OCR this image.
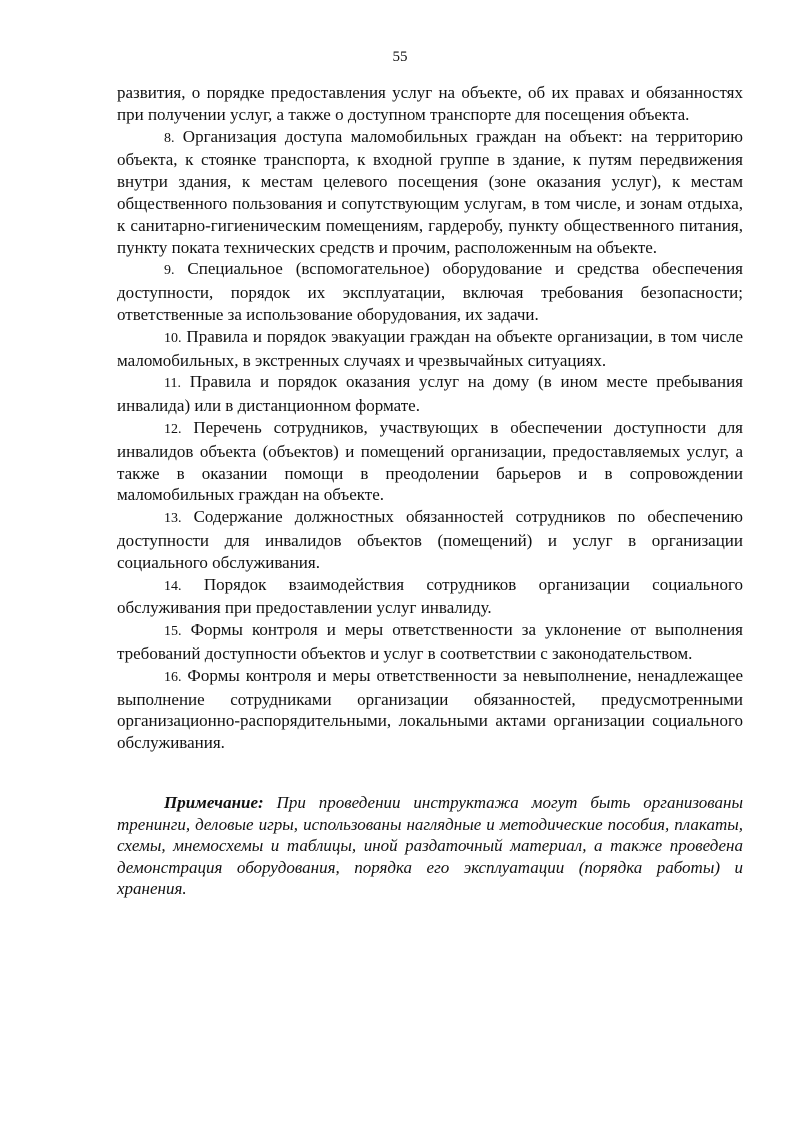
55

развития, о порядке предоставления услуг на объекте, об их правах и обязанностях при получении услуг, а также о доступном транспорте для посещения объекта.

8. Организация доступа маломобильных граждан на объект: на территорию объекта, к стоянке транспорта, к входной группе в здание, к путям передвижения внутри здания, к местам целевого посещения (зоне оказания услуг), к местам общественного пользования и сопутствующим услугам, в том числе, и зонам отдыха, к санитарно-гигиеническим помещениям, гардеробу, пункту общественного питания, пункту поката технических средств и прочим, расположенным на объекте.

9. Специальное (вспомогательное) оборудование и средства обеспечения доступности, порядок их эксплуатации, включая требования безопасности; ответственные за использование оборудования, их задачи.

10. Правила и порядок эвакуации граждан на объекте организации, в том числе маломобильных, в экстренных случаях и чрезвычайных ситуациях.

11. Правила и порядок оказания услуг на дому (в ином месте пребывания инвалида) или в дистанционном формате.

12. Перечень сотрудников, участвующих в обеспечении доступности для инвалидов объекта (объектов) и помещений организации, предоставляемых услуг, а также в оказании помощи в преодолении барьеров и в сопровождении маломобильных граждан на объекте.

13. Содержание должностных обязанностей сотрудников по обеспечению доступности для инвалидов объектов (помещений) и услуг в организации социального обслуживания.

14. Порядок взаимодействия сотрудников организации социального обслуживания при предоставлении услуг инвалиду.

15. Формы контроля и меры ответственности за уклонение от выполнения требований доступности объектов и услуг в соответствии с законодательством.

16. Формы контроля и меры ответственности за невыполнение, ненадлежащее выполнение сотрудниками организации обязанностей, предусмотренными организационно-распорядительными, локальными актами организации социального обслуживания.

Примечание: При проведении инструктажа могут быть организованы тренинги, деловые игры, использованы наглядные и методические пособия, плакаты, схемы, мнемосхемы и таблицы, иной раздаточный материал, а также проведена демонстрация оборудования, порядка его эксплуатации (порядка работы) и хранения.
